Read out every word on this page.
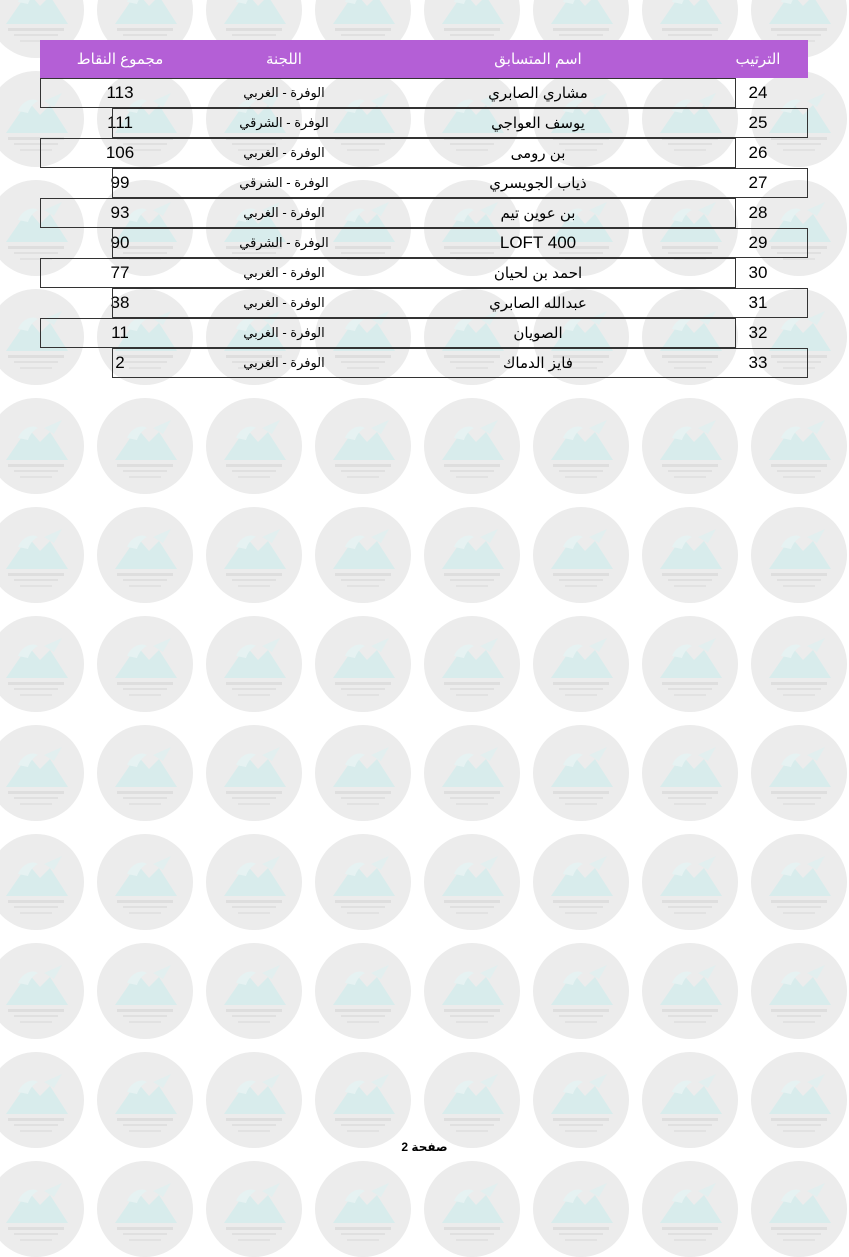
الترتيب	اسم المتسابق	اللجنة	مجموع النقاط
24	مشاري الصابري	الوفرة - الغربي	113
25	يوسف العواجي	الوفرة - الشرقي	111
26	بن رومى	الوفرة - الغربي	106
27	ذياب الجويسري	الوفرة - الشرقي	99
28	بن عوين تيم	الوفرة - الغربي	93
29	LOFT 400	الوفرة - الشرقي	90
30	احمد بن لحيان	الوفرة - الغربي	77
31	عبدالله الصابري	الوفرة - الغربي	38
32	الصويان	الوفرة - الغربي	11
33	فايز الدماك	الوفرة - الغربي	2
صفحة 2
